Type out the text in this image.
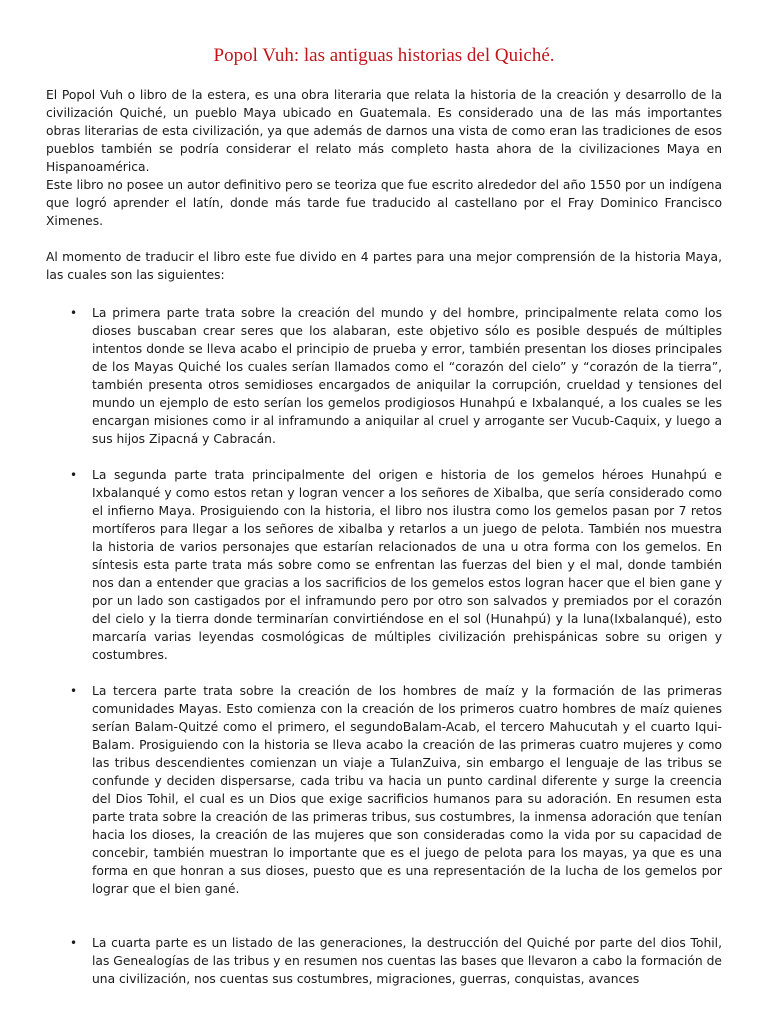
Popol Vuh: las antiguas historias del Quiché.

El Popol Vuh o libro de la estera, es una obra literaria que relata la historia de la creación y desarrollo de la civilización Quiché, un pueblo Maya ubicado en Guatemala. Es considerado una de las más importantes obras literarias de esta civilización, ya que además de darnos una vista de como eran las tradiciones de esos pueblos también se podría considerar el relato más completo hasta ahora de la civilizaciones Maya en Hispanoamérica.

Este libro no posee un autor definitivo pero se teoriza que fue escrito alrededor del año 1550 por un indígena que logró aprender el latín, donde más tarde fue traducido al castellano por el Fray Dominico Francisco Ximenes.

Al momento de traducir el libro este fue divido en 4 partes para una mejor comprensión de la historia Maya, las cuales son las siguientes:

• La primera parte trata sobre la creación del mundo y del hombre, principalmente relata como los dioses buscaban crear seres que los alabaran, este objetivo sólo es posible después de múltiples intentos donde se lleva acabo el principio de prueba y error, también presentan los dioses principales de los Mayas Quiché los cuales serían llamados como el “corazón del cielo” y “corazón de la tierra”, también presenta otros semidioses encargados de aniquilar la corrupción, crueldad y tensiones del mundo un ejemplo de esto serían los gemelos prodigiosos Hunahpú e Ixbalanqué, a los cuales se les encargan misiones como ir al inframundo a aniquilar al cruel y arrogante ser Vucub-Caquix, y luego a sus hijos Zipacná y Cabracán.
• La segunda parte trata principalmente del origen e historia de los gemelos héroes Hunahpú e Ixbalanqué y como estos retan y logran vencer a los señores de Xibalba, que sería considerado como el infierno Maya. Prosiguiendo con la historia, el libro nos ilustra como los gemelos pasan por 7 retos mortíferos para llegar a los señores de xibalba y retarlos a un juego de pelota. También nos muestra la historia de varios personajes que estarían relacionados de una u otra forma con los gemelos. En síntesis esta parte trata más sobre como se enfrentan las fuerzas del bien y el mal, donde también nos dan a entender que gracias a los sacrificios de los gemelos estos logran hacer que el bien gane y por un lado son castigados por el inframundo pero por otro son salvados y premiados por el corazón del cielo y la tierra donde terminarían convirtiéndose en el sol (Hunahpú) y la luna(Ixbalanqué), esto marcaría varias leyendas cosmológicas de múltiples civilización prehispánicas sobre su origen y costumbres.
• La tercera parte trata sobre la creación de los hombres de maíz y la formación de las primeras comunidades Mayas. Esto comienza con la creación de los primeros cuatro hombres de maíz quienes serían Balam-Quitzé como el primero, el segundoBalam-Acab, el tercero Mahucutah y el cuarto Iqui-Balam. Prosiguiendo con la historia se lleva acabo la creación de las primeras cuatro mujeres y como las tribus descendientes comienzan un viaje a TulanZuiva, sin embargo el lenguaje de las tribus se confunde y deciden dispersarse, cada tribu va hacia un punto cardinal diferente y surge la creencia del Dios Tohil, el cual es un Dios que exige sacrificios humanos para su adoración. En resumen esta parte trata sobre la creación de las primeras tribus, sus costumbres, la inmensa adoración que tenían hacia los dioses, la creación de las mujeres que son consideradas como la vida por su capacidad de concebir, también muestran lo importante que es el juego de pelota para los mayas, ya que es una forma en que honran a sus dioses, puesto que es una representación de la lucha de los gemelos por lograr que el bien gané.
• La cuarta parte es un listado de las generaciones, la destrucción del Quiché por parte del dios Tohil, las Genealogías de las tribus y en resumen nos cuentas las bases que llevaron a cabo la formación de una civilización, nos cuentas sus costumbres, migraciones, guerras, conquistas, avances
